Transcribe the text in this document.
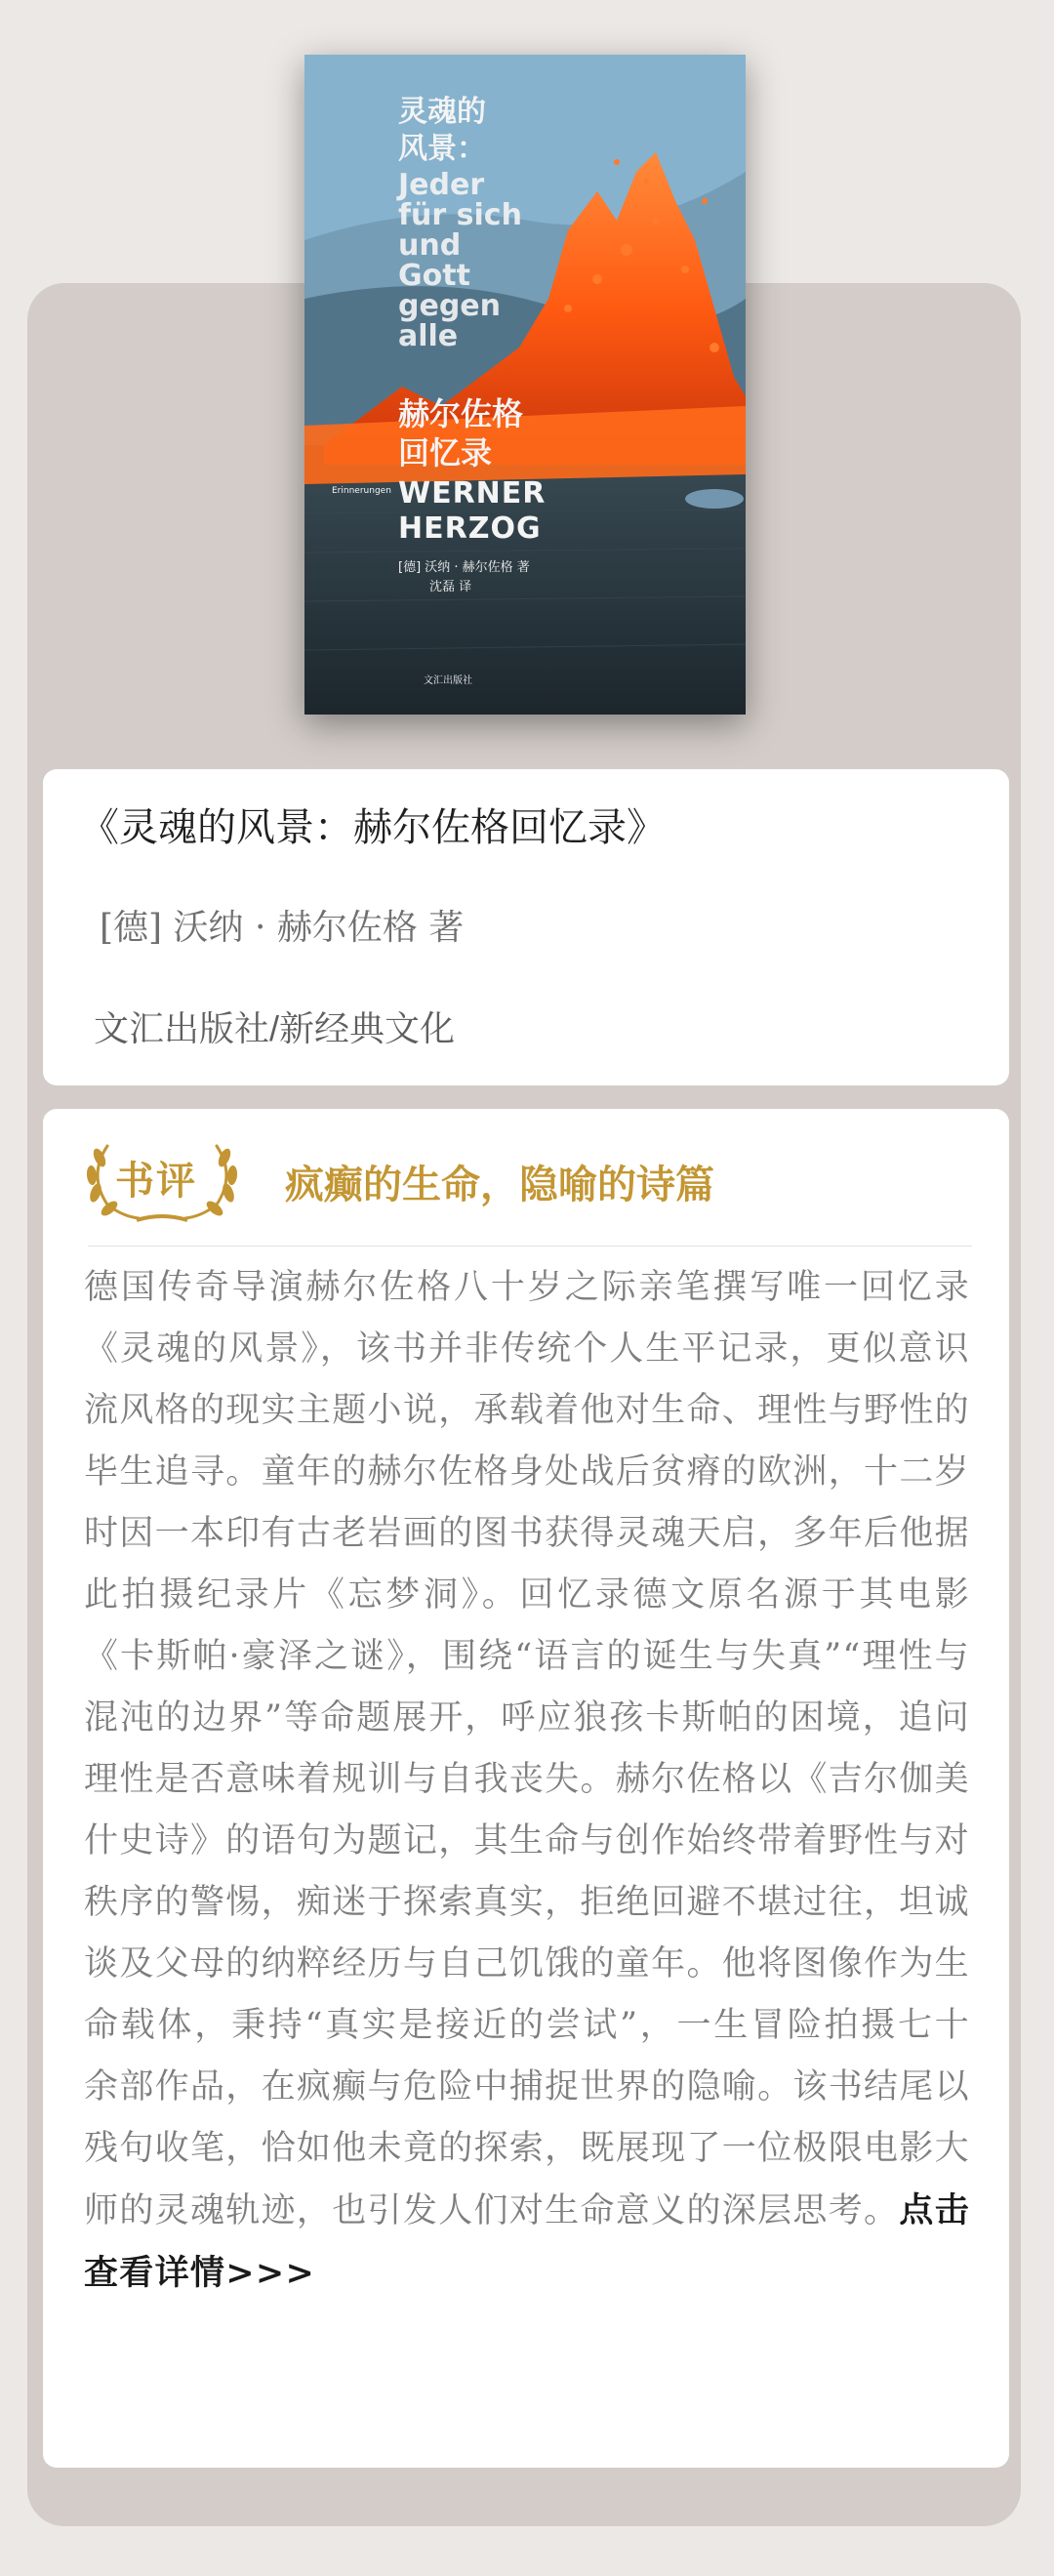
灵魂的
风景：
Jeder
für sich
und
Gott
gegen
alle
赫尔佐格
回忆录
Erinnerungen WERNER
HERZOG
[德] 沃纳 · 赫尔佐格 著
沈磊 译
文汇出版社
《灵魂的风景：赫尔佐格回忆录》
[德] 沃纳 · 赫尔佐格 著
文汇出版社/新经典文化
书评 疯癫的生命，隐喻的诗篇
德国传奇导演赫尔佐格八十岁之际亲笔撰写唯一回忆录《灵魂的风景》，该书并非传统个人生平记录，更似意识流风格的现实主题小说，承载着他对生命、理性与野性的毕生追寻。童年的赫尔佐格身处战后贫瘠的欧洲，十二岁时因一本印有古老岩画的图书获得灵魂天启，多年后他据此拍摄纪录片《忘梦洞》。回忆录德文原名源于其电影《卡斯帕·豪泽之谜》，围绕“语言的诞生与失真”“理性与混沌的边界”等命题展开，呼应狼孩卡斯帕的困境，追问理性是否意味着规训与自我丧失。赫尔佐格以《吉尔伽美什史诗》的语句为题记，其生命与创作始终带着野性与对秩序的警惕，痴迷于探索真实，拒绝回避不堪过往，坦诚谈及父母的纳粹经历与自己饥饿的童年。他将图像作为生命载体，秉持“真实是接近的尝试”，一生冒险拍摄七十余部作品，在疯癫与危险中捕捉世界的隐喻。该书结尾以残句收笔，恰如他未竟的探索，既展现了一位极限电影大师的灵魂轨迹，也引发人们对生命意义的深层思考。点击查看详情>>>
